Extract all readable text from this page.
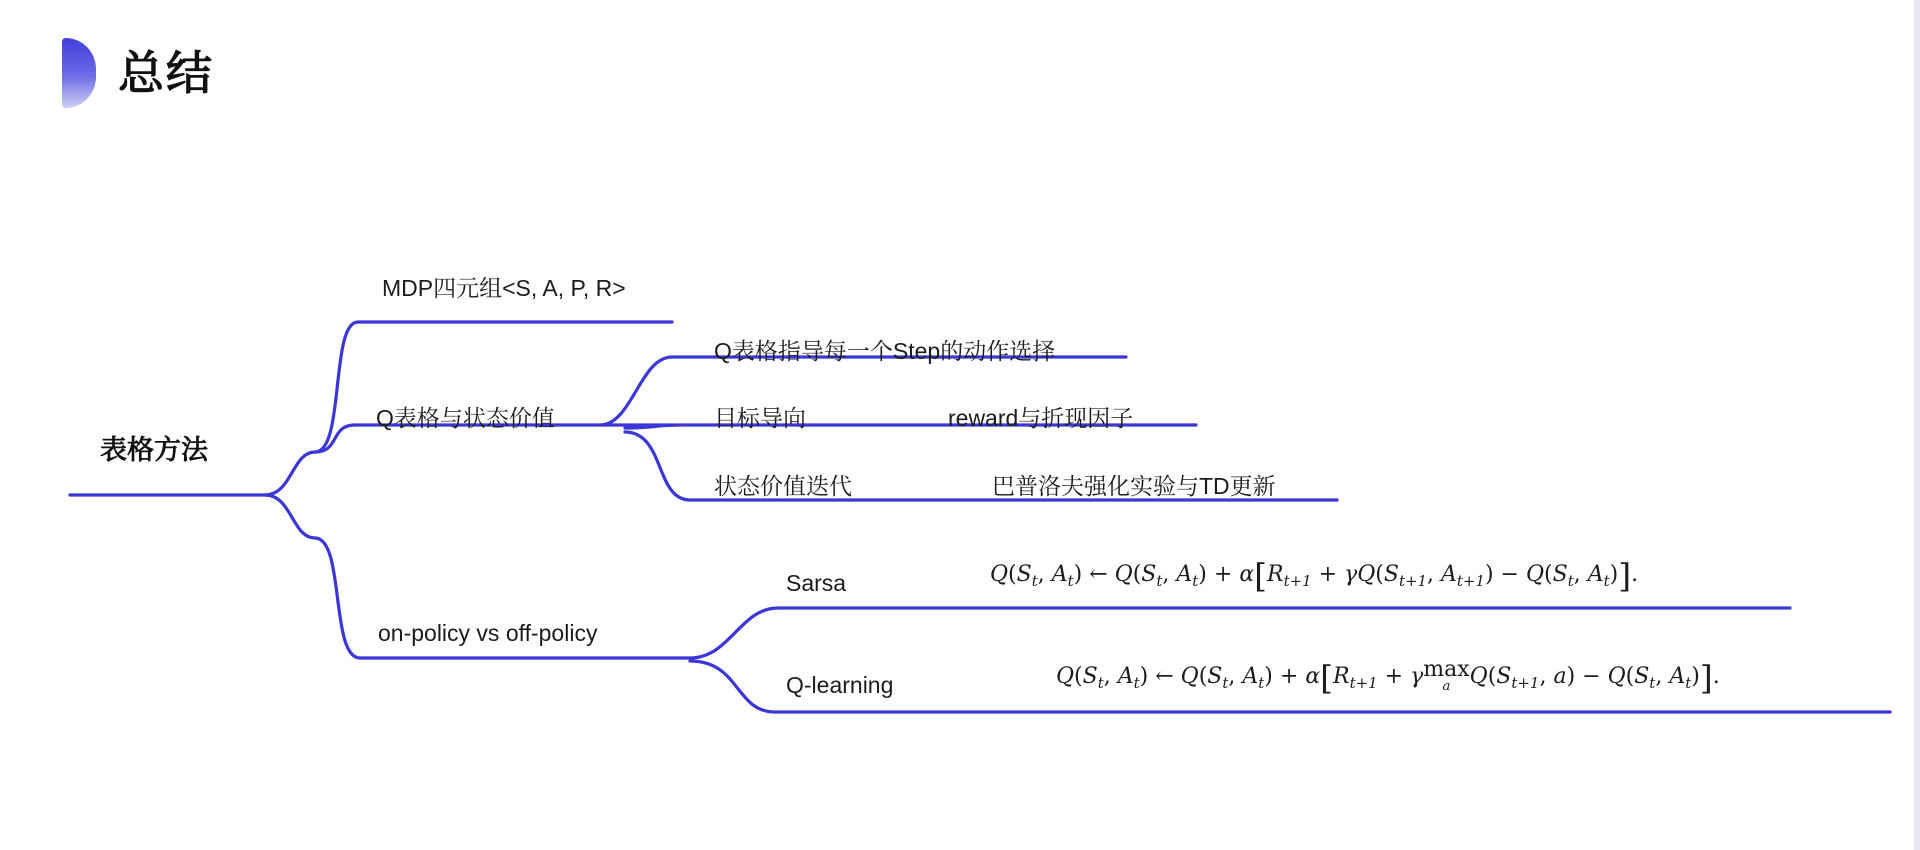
总结
表格方法
MDP四元组<S, A, P, R>
Q表格与状态价值
Q表格指导每一个Step的动作选择
目标导向	reward与折现因子
状态价值迭代	巴普洛夫强化实验与TD更新
on-policy vs off-policy
Sarsa
Q-learning
$Q(S_t$, $A_t$) ← $Q(S_t$, $A_t) + \alpha[R_{t+1} + \gamma Q(S_{t+1}$, $A_{t+1}) - Q(S_t$, $A_t$)].
$Q(S_t$, $A_t$) ← $Q(S_t$, $A_t) + \alpha[R_{t+1} + \gamma$ max
a $Q(S_{t+1}$, $a) - Q(S_t$, $A_t$)].
